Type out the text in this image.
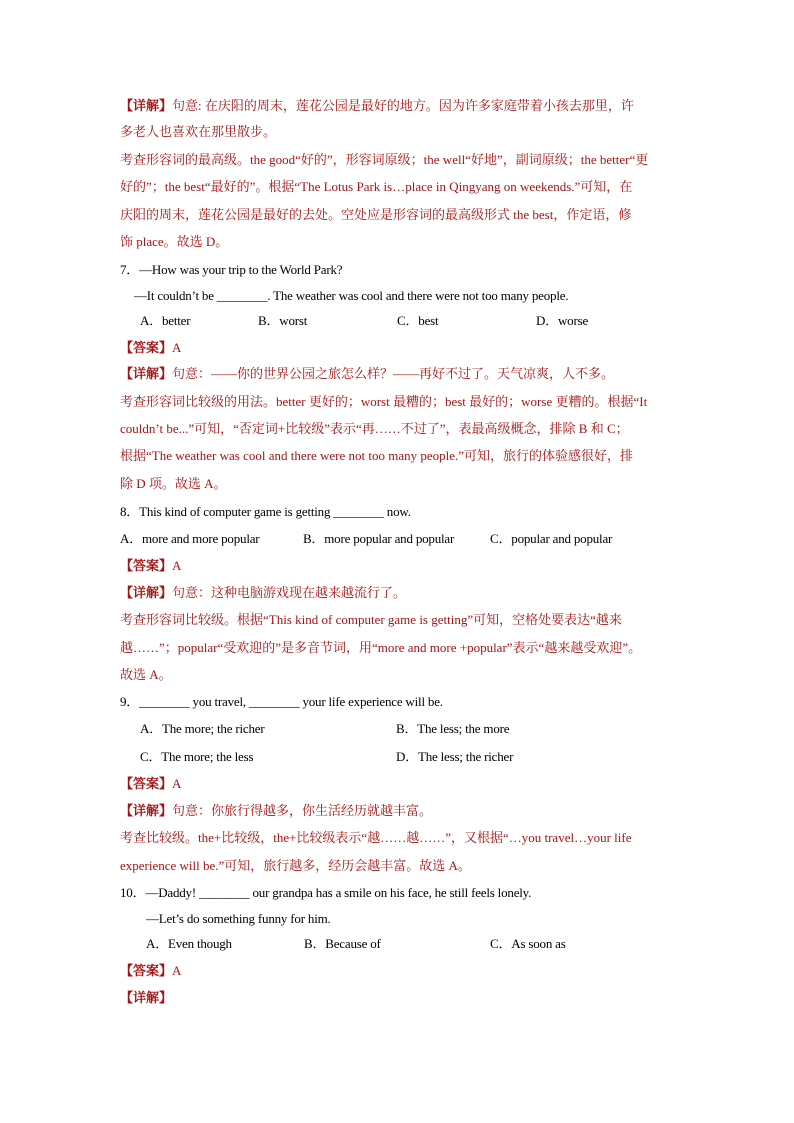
【详解】句意: 在庆阳的周末，莲花公园是最好的地方。因为许多家庭带着小孩去那里，许
多老人也喜欢在那里散步。
考查形容词的最高级。the good“好的”，形容词原级；the well“好地”，副词原级；the better“更
好的”；the best“最好的”。根据“The Lotus Park is…place in Qingyang on weekends.”可知，在
庆阳的周末，莲花公园是最好的去处。空处应是形容词的最高级形式 the best，作定语，修
饰 place。故选 D。
7．—How was your trip to the World Park?
—It couldn’t be ________. The weather was cool and there were not too many people.
A．better	B．worst	C．best	D．worse
【答案】A
【详解】句意：——你的世界公园之旅怎么样？——再好不过了。天气凉爽，人不多。
考查形容词比较级的用法。better 更好的；worst 最糟的；best 最好的；worse 更糟的。根据“It
couldn’t be...”可知，“否定词+比较级”表示“再……不过了”，表最高级概念，排除 B 和 C；
根据“The weather was cool and there were not too many people.”可知，旅行的体验感很好，排
除 D 项。故选 A。
8．This kind of computer game is getting ________ now.
A．more and more popular	B．more popular and popular	C．popular and popular
【答案】A
【详解】句意：这种电脑游戏现在越来越流行了。
考查形容词比较级。根据“This kind of computer game is getting”可知，空格处要表达“越来
越……”；popular“受欢迎的”是多音节词，用“more and more +popular”表示“越来越受欢迎”。
故选 A。
9．________ you travel, ________ your life experience will be.
A．The more; the richer	B．The less; the more
C．The more; the less	D．The less; the richer
【答案】A
【详解】句意：你旅行得越多，你生活经历就越丰富。
考查比较级。the+比较级，the+比较级表示“越……越……”，又根据“…you travel…your life
experience will be.”可知，旅行越多，经历会越丰富。故选 A。
10．—Daddy! ________ our grandpa has a smile on his face, he still feels lonely.
—Let’s do something funny for him.
A．Even though	B．Because of	C．As soon as
【答案】A
【详解】
